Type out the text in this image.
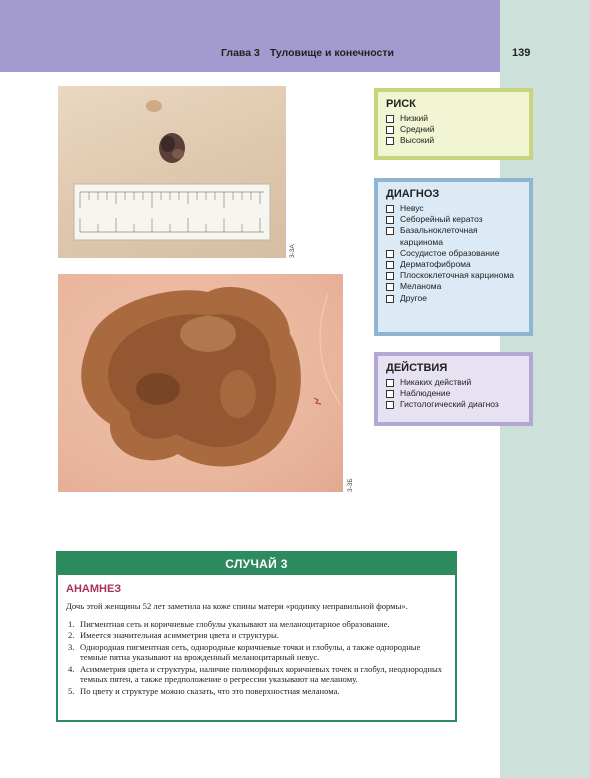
Глава 3 Туловище и конечности	139
3-3А
3-3Б
РИСК
Низкий
Средний
Высокий
ДИАГНОЗ
Невус
Себорейный кератоз
Базальноклеточная карцинома
Сосудистое образование
Дерматофиброма
Плоскоклеточная карцинома
Меланома
Другое
ДЕЙСТВИЯ
Никаких действий
Наблюдение
Гистологический диагноз
СЛУЧАЙ 3
АНАМНЕЗ

Дочь этой женщины 52 лет заметила на коже спины матери «родинку неправильной формы».

1. Пигментная сеть и коричневые глобулы указывают на меланоцитарное образование.
2. Имеется значительная асимметрия цвета и структуры.
3. Однородная пигментная сеть, однородные коричневые точки и глобулы, а также однородные темные пятна указывают на врожденный меланоцитарный невус.
4. Асимметрия цвета и структуры, наличие полиморфных коричневых точек и глобул, неоднородных темных пятен, а также предположение о регрессии указывают на меланому.
5. По цвету и структуре можно сказать, что это поверхностная меланома.
